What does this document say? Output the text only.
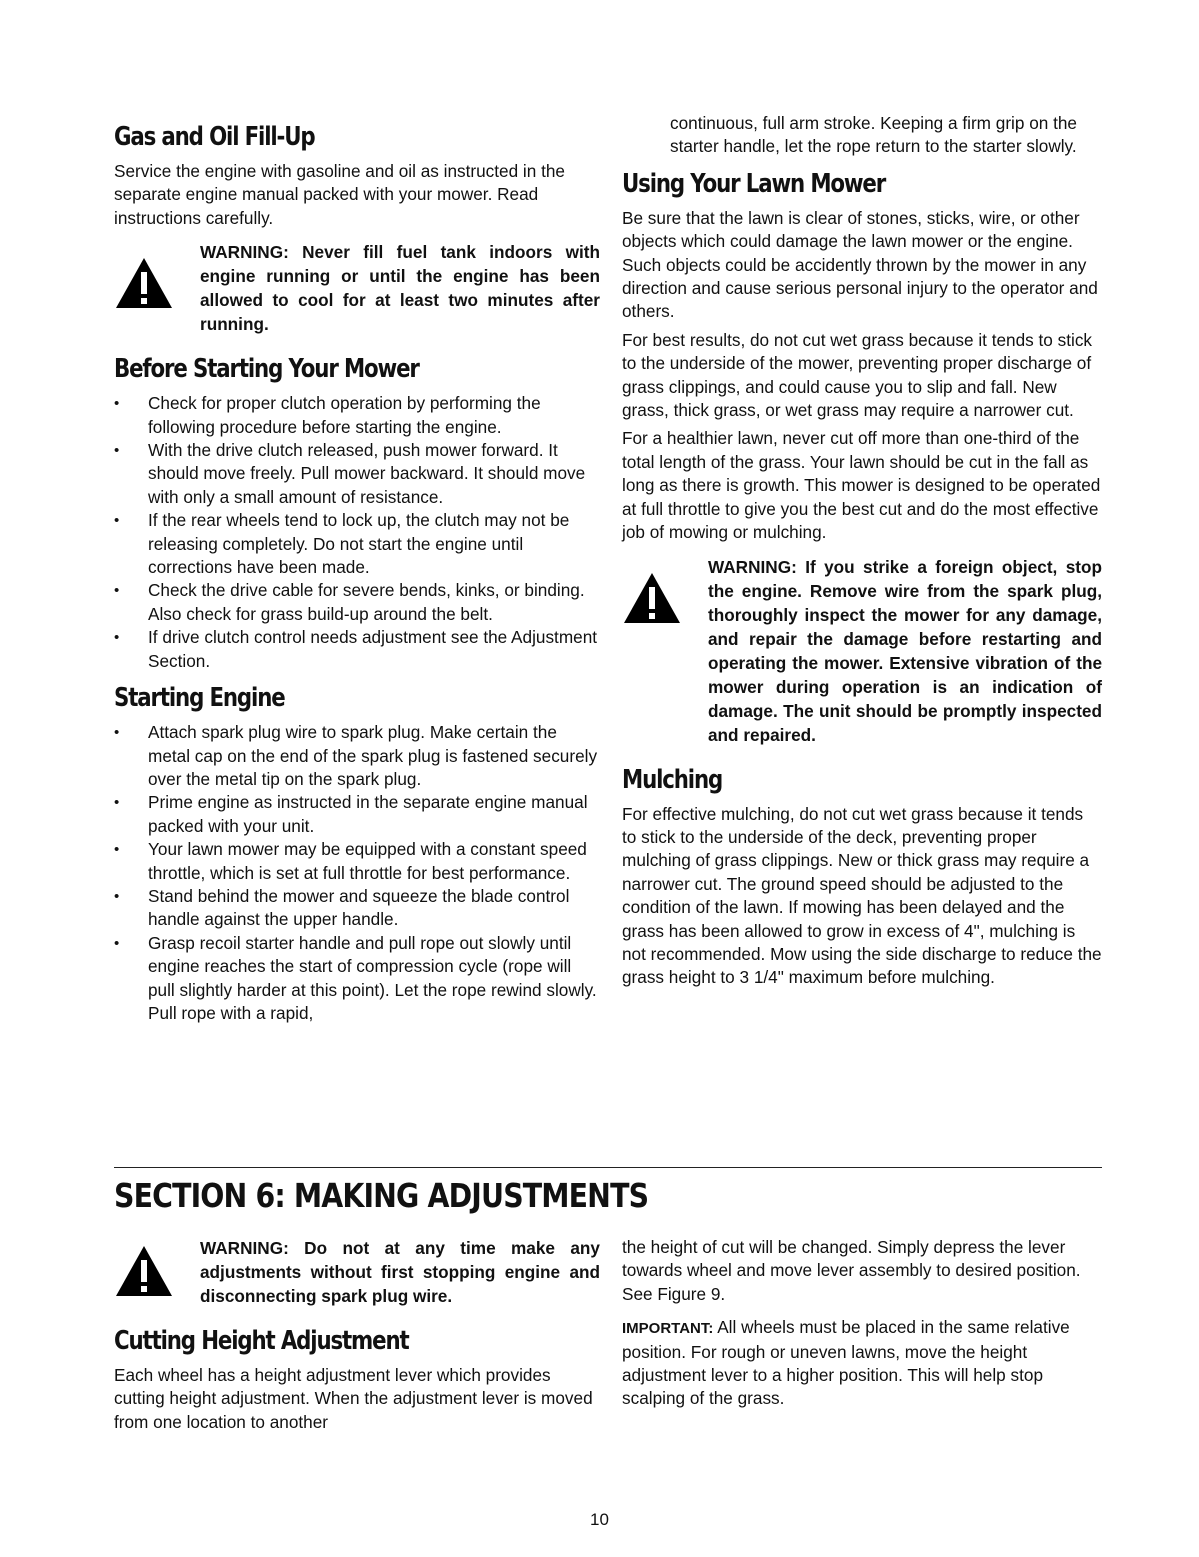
Gas and Oil Fill-Up

Service the engine with gasoline and oil as instructed in the separate engine manual packed with your mower. Read instructions carefully.

WARNING: Never fill fuel tank indoors with engine running or until the engine has been allowed to cool for at least two minutes after running.
Before Starting Your Mower
• Check for proper clutch operation by performing the following procedure before starting the engine.
• With the drive clutch released, push mower forward. It should move freely. Pull mower backward. It should move with only a small amount of resistance.
• If the rear wheels tend to lock up, the clutch may not be releasing completely. Do not start the engine until corrections have been made.
• Check the drive cable for severe bends, kinks, or binding. Also check for grass build-up around the belt.
• If drive clutch control needs adjustment see the Adjustment Section.
Starting Engine
• Attach spark plug wire to spark plug. Make certain the metal cap on the end of the spark plug is fastened securely over the metal tip on the spark plug.
• Prime engine as instructed in the separate engine manual packed with your unit.
• Your lawn mower may be equipped with a constant speed throttle, which is set at full throttle for best performance.
• Stand behind the mower and squeeze the blade control handle against the upper handle.
• Grasp recoil starter handle and pull rope out slowly until engine reaches the start of compression cycle (rope will pull slightly harder at this point). Let the rope rewind slowly. Pull rope with a rapid,

continuous, full arm stroke. Keeping a firm grip on the starter handle, let the rope return to the starter slowly.

Using Your Lawn Mower

Be sure that the lawn is clear of stones, sticks, wire, or other objects which could damage the lawn mower or the engine. Such objects could be accidently thrown by the mower in any direction and cause serious personal injury to the operator and others.

For best results, do not cut wet grass because it tends to stick to the underside of the mower, preventing proper discharge of grass clippings, and could cause you to slip and fall. New grass, thick grass, or wet grass may require a narrower cut.

For a healthier lawn, never cut off more than one-third of the total length of the grass. Your lawn should be cut in the fall as long as there is growth. This mower is designed to be operated at full throttle to give you the best cut and do the most effective job of mowing or mulching.

WARNING: If you strike a foreign object, stop the engine. Remove wire from the spark plug, thoroughly inspect the mower for any damage, and repair the damage before restarting and operating the mower. Extensive vibration of the mower during operation is an indication of damage. The unit should be promptly inspected and repaired.
Mulching

For effective mulching, do not cut wet grass because it tends to stick to the underside of the deck, preventing proper mulching of grass clippings. New or thick grass may require a narrower cut. The ground speed should be adjusted to the condition of the lawn. If mowing has been delayed and the grass has been allowed to grow in excess of 4", mulching is not recommended. Mow using the side discharge to reduce the grass height to 3 1/4" maximum before mulching.

SECTION 6: MAKING ADJUSTMENTS
WARNING: Do not at any time make any adjustments without first stopping engine and disconnecting spark plug wire.
Cutting Height Adjustment

Each wheel has a height adjustment lever which provides cutting height adjustment. When the adjustment lever is moved from one location to another

the height of cut will be changed. Simply depress the lever towards wheel and move lever assembly to desired position. See Figure 9.

IMPORTANT: All wheels must be placed in the same relative position. For rough or uneven lawns, move the height adjustment lever to a higher position. This will help stop scalping of the grass.

10
